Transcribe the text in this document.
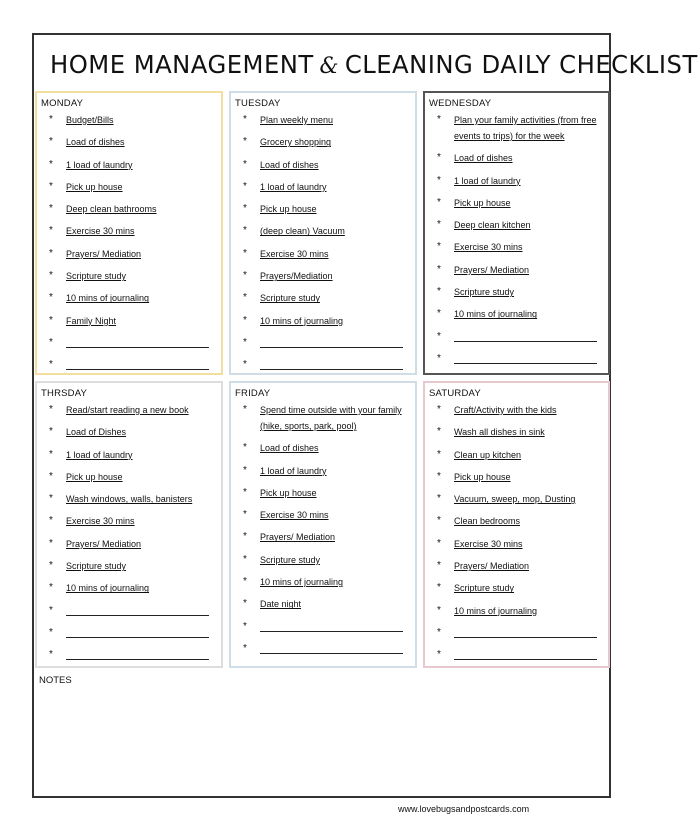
HOME MANAGEMENT & CLEANING DAILY CHECKLIST
MONDAY
* Budget/Bills
* Load of dishes
* 1 load of laundry
* Pick up house
* Deep clean bathrooms
* Exercise 30 mins
* Prayers/ Mediation
* Scripture study
* 10 mins of journaling
* Family Night
*
*
TUESDAY
* Plan weekly menu
* Grocery shopping
* Load of dishes
* 1 load of laundry
* Pick up house
* (deep clean) Vacuum
* Exercise 30 mins
* Prayers/Mediation
* Scripture study
* 10 mins of journaling
*
*
WEDNESDAY
* Plan your family activities (from free events to trips) for the week
* Load of dishes
* 1 load of laundry
* Pick up house
* Deep clean kitchen
* Exercise 30 mins
* Prayers/ Mediation
* Scripture study
* 10 mins of journaling
*
*
THRSDAY
* Read/start reading a new book
* Load of Dishes
* 1 load of laundry
* Pick up house
* Wash windows, walls, banisters
* Exercise 30 mins
* Prayers/ Mediation
* Scripture study
* 10 mins of journaling
*
*
*
FRIDAY
* Spend time outside with your family (hike, sports, park, pool)
* Load of dishes
* 1 load of laundry
* Pick up house
* Exercise 30 mins
* Prayers/ Mediation
* Scripture study
* 10 mins of journaling
* Date night
*
*
SATURDAY
* Craft/Activity with the kids
* Wash all dishes in sink
* Clean up kitchen
* Pick up house
* Vacuum, sweep, mop, Dusting
* Clean bedrooms
* Exercise 30 mins
* Prayers/ Mediation
* Scripture study
* 10 mins of journaling
*
*
NOTES
www.lovebugsandpostcards.com
